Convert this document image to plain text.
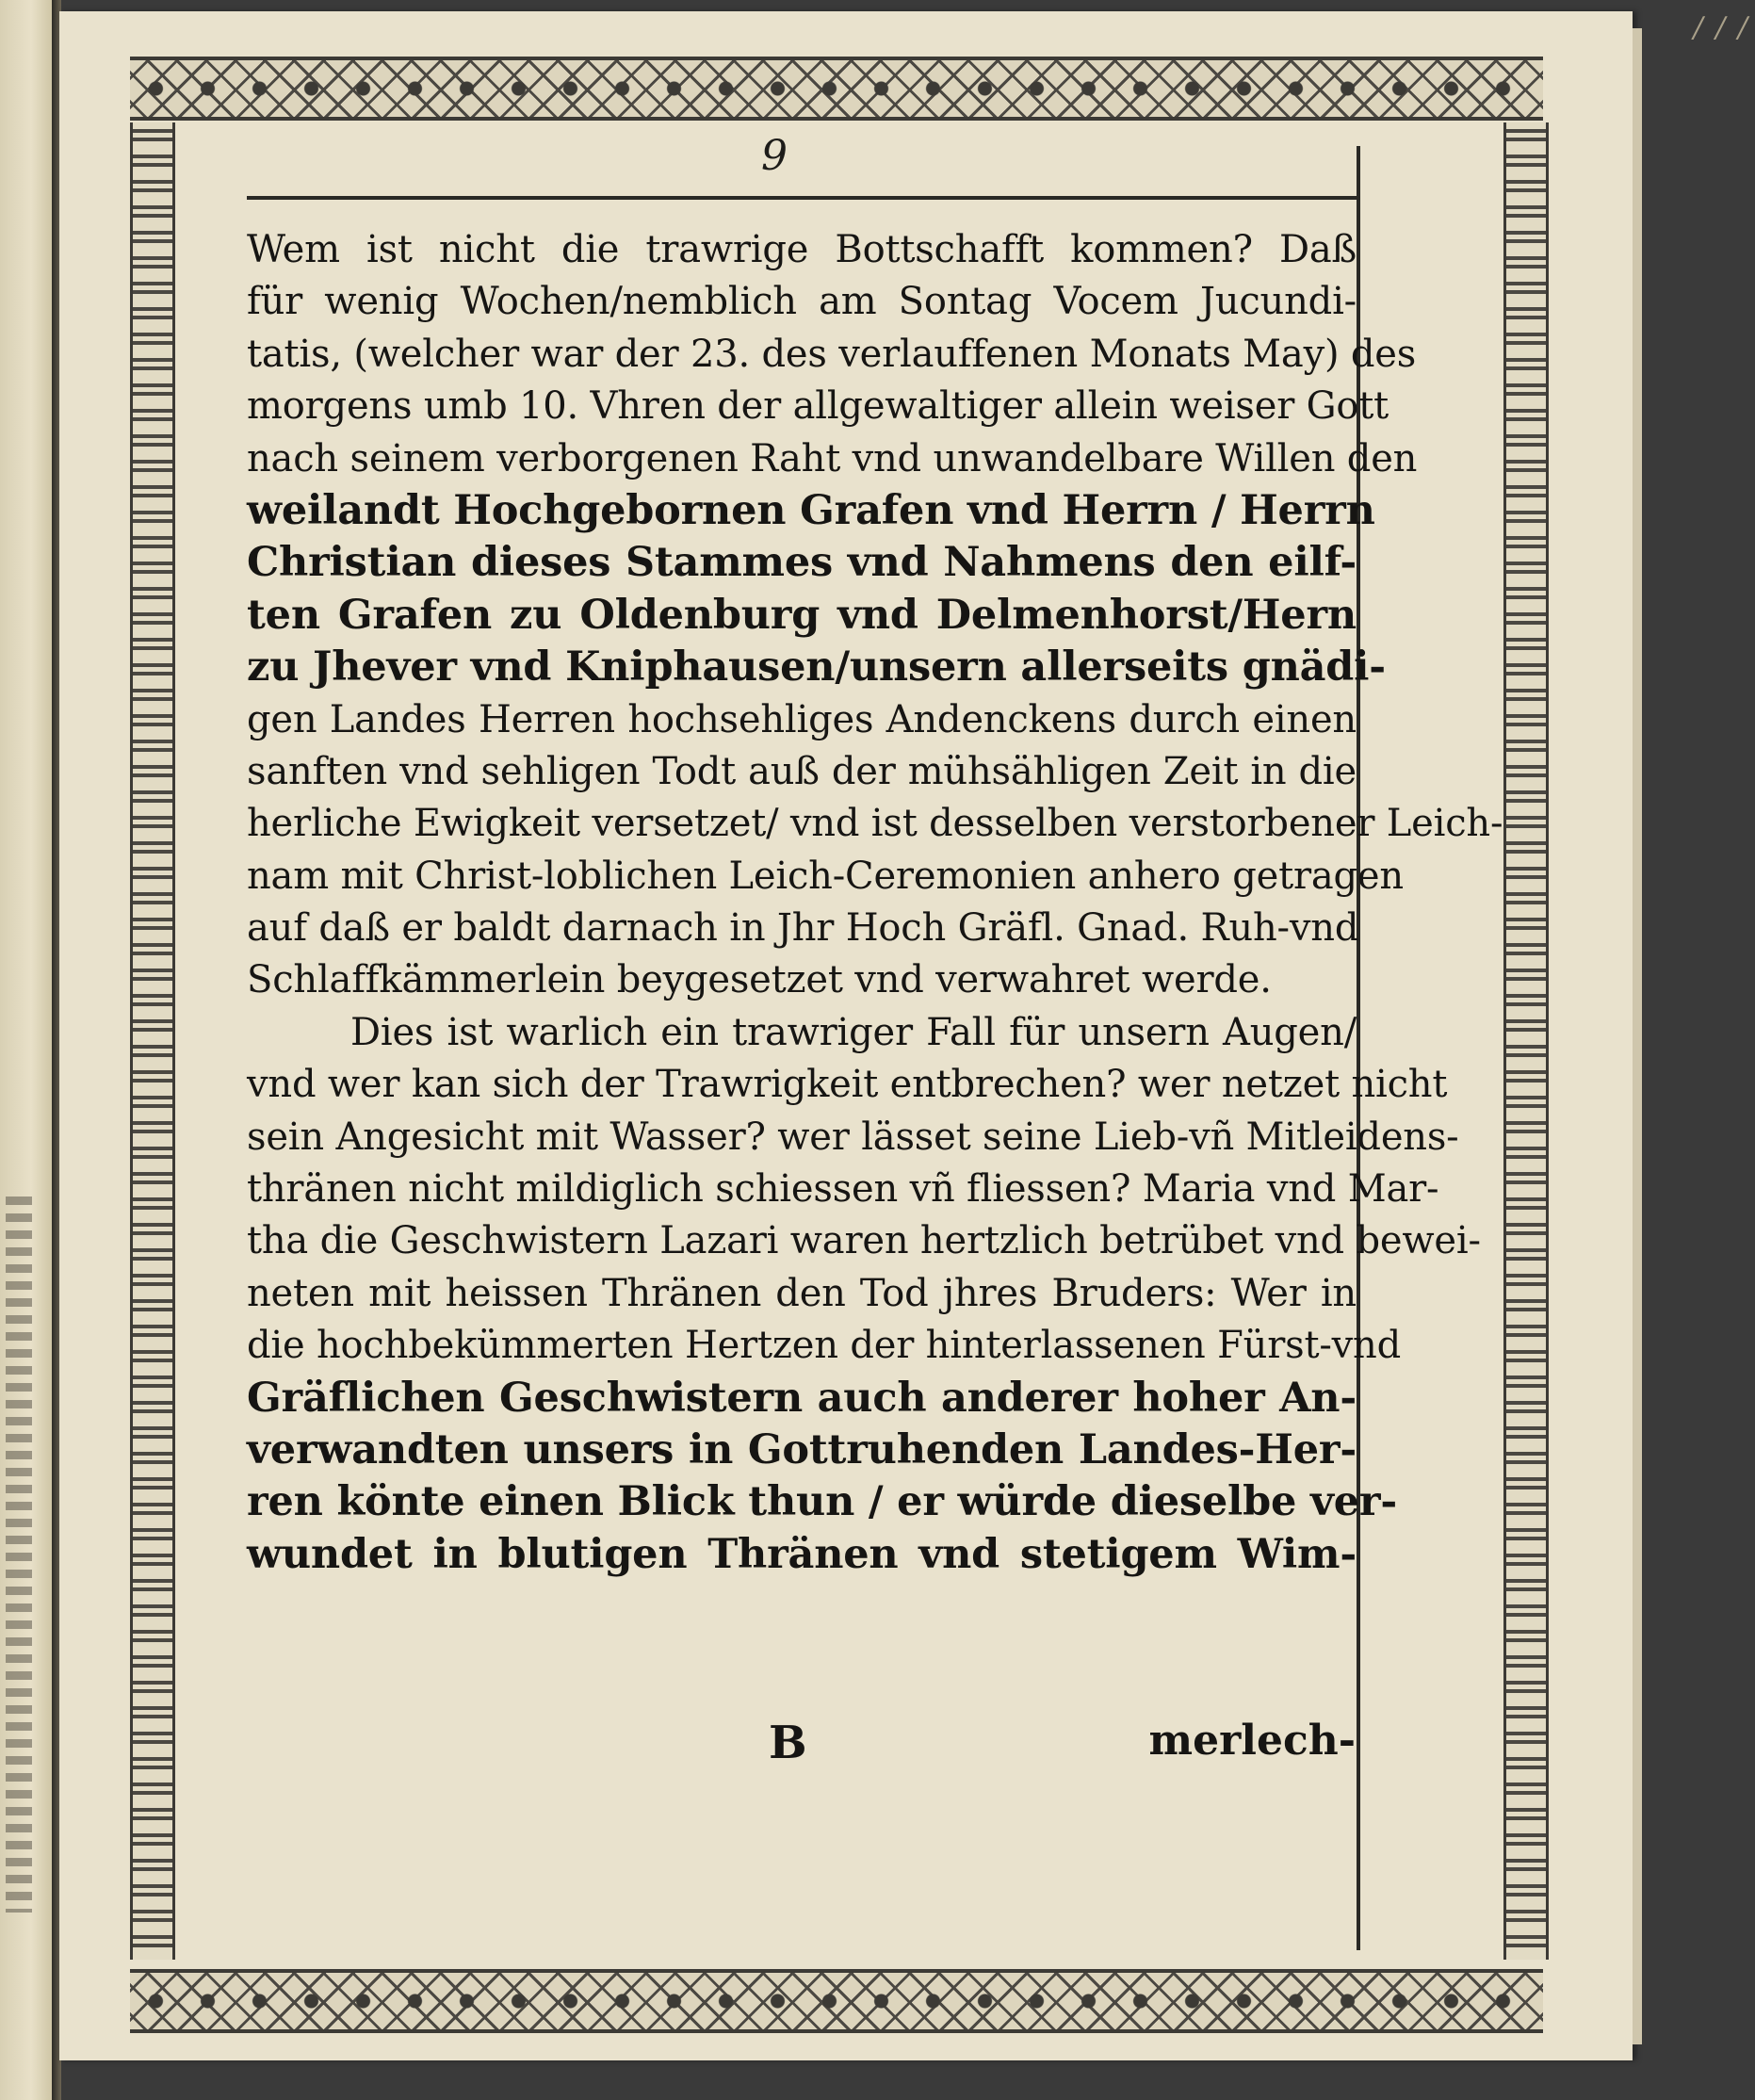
/ / /
9
Wem ist nicht die trawrige Bottschafft kommen? Daß
für wenig Wochen/nemblich am Sontag Vocem Jucundi-
tatis, (welcher war der 23. des verlauffenen Monats May) des
morgens umb 10. Vhren der allgewaltiger allein weiser Gott
nach seinem verborgenen Raht vnd unwandelbare Willen den
weilandt Hochgebornen Grafen vnd Herrn / Herrn
Christian dieses Stammes vnd Nahmens den eilf-
ten Grafen zu Oldenburg vnd Delmenhorst/Hern
zu Jhever vnd Kniphausen/unsern allerseits gnädi-
gen Landes Herren hochsehliges Andenckens durch einen
sanften vnd sehligen Todt auß der mühsähligen Zeit in die
herliche Ewigkeit versetzet/ vnd ist desselben verstorbener Leich-
nam mit Christ-loblichen Leich-Ceremonien anhero getragen
auf daß er baldt darnach in Jhr Hoch Gräfl. Gnad. Ruh-vnd
Schlaffkämmerlein beygesetzet vnd verwahret werde.
Dies ist warlich ein trawriger Fall für unsern Augen/
vnd wer kan sich der Trawrigkeit entbrechen? wer netzet nicht
sein Angesicht mit Wasser? wer lässet seine Lieb-vñ Mitleidens-
thränen nicht mildiglich schiessen vñ fliessen? Maria vnd Mar-
tha die Geschwistern Lazari waren hertzlich betrübet vnd bewei-
neten mit heissen Thränen den Tod jhres Bruders: Wer in
die hochbekümmerten Hertzen der hinterlassenen Fürst-vnd
Gräflichen Geschwistern auch anderer hoher An-
verwandten unsers in Gottruhenden Landes-Her-
ren könte einen Blick thun / er würde dieselbe ver-
wundet in blutigen Thränen vnd stetigem Wim-
B	merlech-
